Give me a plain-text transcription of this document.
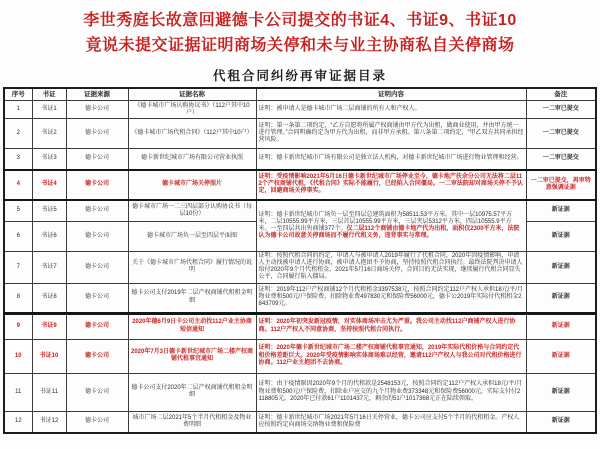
李世秀庭长故意回避德卡公司提交的书证4、书证9、书证10
竟说未提交证据证明商场关停和未与业主协商私自关停商场
代租合同纠纷再审证据目录
序号	书证	证据来源	证据名称	证明内容	备注
1	书证1	德卡公司	《德卡城市广场认购协议书》（112户其中10户）	证明：被申请人是德卡城市广场二层商铺的所有人和产权人。	一二审已提交
2	书证2	德卡公司	《德卡城市广场代租合同》（112户其中10户）	证明：第一条第二项约定，“乙方自愿将所属产权商铺由甲方代为出租，做商业使用，并由甲方统一进行管理。”合同明确约定为甲方代为出租，而非甲方承租。第八条第二项约定，“甲乙双方共同承担经营风险。	一二审已提交
3	书证3	德卡公司	德卡新世纪城市广场有限公司营业执照	证明：德卡新世纪城市广场有限公司是独立法人机构，对德卡新世纪城市广场进行物业管理和经营。	一二审已提交
4	书证4	德卡公司	德卡城市广场关停照片	证明：受疫情影响2021年5月16日德卡新世纪城市广场停业至今，德卡地产扶余分公司无法将二层112个产权商铺代租，《代租合同》实际不能履行，已经陷入合同僵局。一二审法院却对商场关停不予认定，回避商场关停事实。	一二审已提交，再审特意强调证据
5	书证5	德卡公司	德卡城市广场一二三四层部分认购协议书（每层10份）	证明：德卡新世纪城市广场负一层至四层总建筑面积为58511.53平方米。其中一层10975.57平方米，二层10555.99平方米，三层首层10555.99平方米，三层夹层5312平方米，四层10555.9平方米。一至四层共出售商铺377个。仅二层112个商铺由德卡地产代为出租，面积仅2300平方米，法院认为德卡公司故意关停商场而不履行代租义务，违背事实与常理。	新证据
6	书证6	德卡公司	德卡城市广场负一层至四层平面图		新证据
7	书证7	德卡公司	关于《德卡城市广场代租合同》履行情况的说明	证明：按照代租合同的约定，申请人与被申请人2019年履行了代租合同，2020年因疫情影响，申请人主动找被申请人进行协商，被申请人抱团不予协商，坚持按照代租合同执行。最终法院判决申请人给付2020年9个月代租租金。2021年5月16日商场关停，合同目的无法实现，继续履行代租合同显失公平，合同履行陷入僵局。	新证据
8	书证8	德卡公司	德卡公司支付2019年二层产权商铺代租租金明细	证明：2019年112户产权商铺12个月代租租金3397538元，按照合同约定112户产权人承担18元/平/月物业费和500元/户保险费，扣除物业费497830元和保险费56000元，德卡公2019年实际付代租租金2843709元。	新证据
9	书证9	德卡公司	2020年德6月9日卡公司主动找112户业主协商短信通知	证明：2020年初突发新冠疫情，对实体商场冲击尤为严重。我公司主动找112户商铺产权人进行协商。112户产权人不同意协商，坚持按照代租合同执行。	新证据
10	书证10	德卡公司	2020年7月3日德卡新世纪城市广场二楼产权商铺代租事宜通知	证明：2020年德卡新世纪城市广场二楼产权商铺代租事宜通知，2019年实际代租价格与合同约定代租价格差距巨大。2020年受疫情影响实体商场难以经营，邀请112户产权人与我公司对代租价格进行协商。112户业主抱团不去协商。	新证据
11	书证11	德卡公司	德卡公司支付2020年二层产权商铺代租租金明细	证明：由于疫情原因2020年9个月的代租款是2548153元，按照合同约定112户产权人承担18元/平/月物业费和500元/户保险费，扣除业户应交的九个月物业费373348元和保险费56000元，实际支付付2118805元。2020年已付款61户1101437元，剩余的51户1017368元正在陆续领取。	新证据
12	书证12	德卡公司	城市广场二层2021年5个半月代租租金及物业费明细	证明：德卡新世纪城市广场2021年5月16日关停营业，德卡公司应支付5个半月的代租租金。产权人应按照约定向商场交纳物业费和保险费	新证据
